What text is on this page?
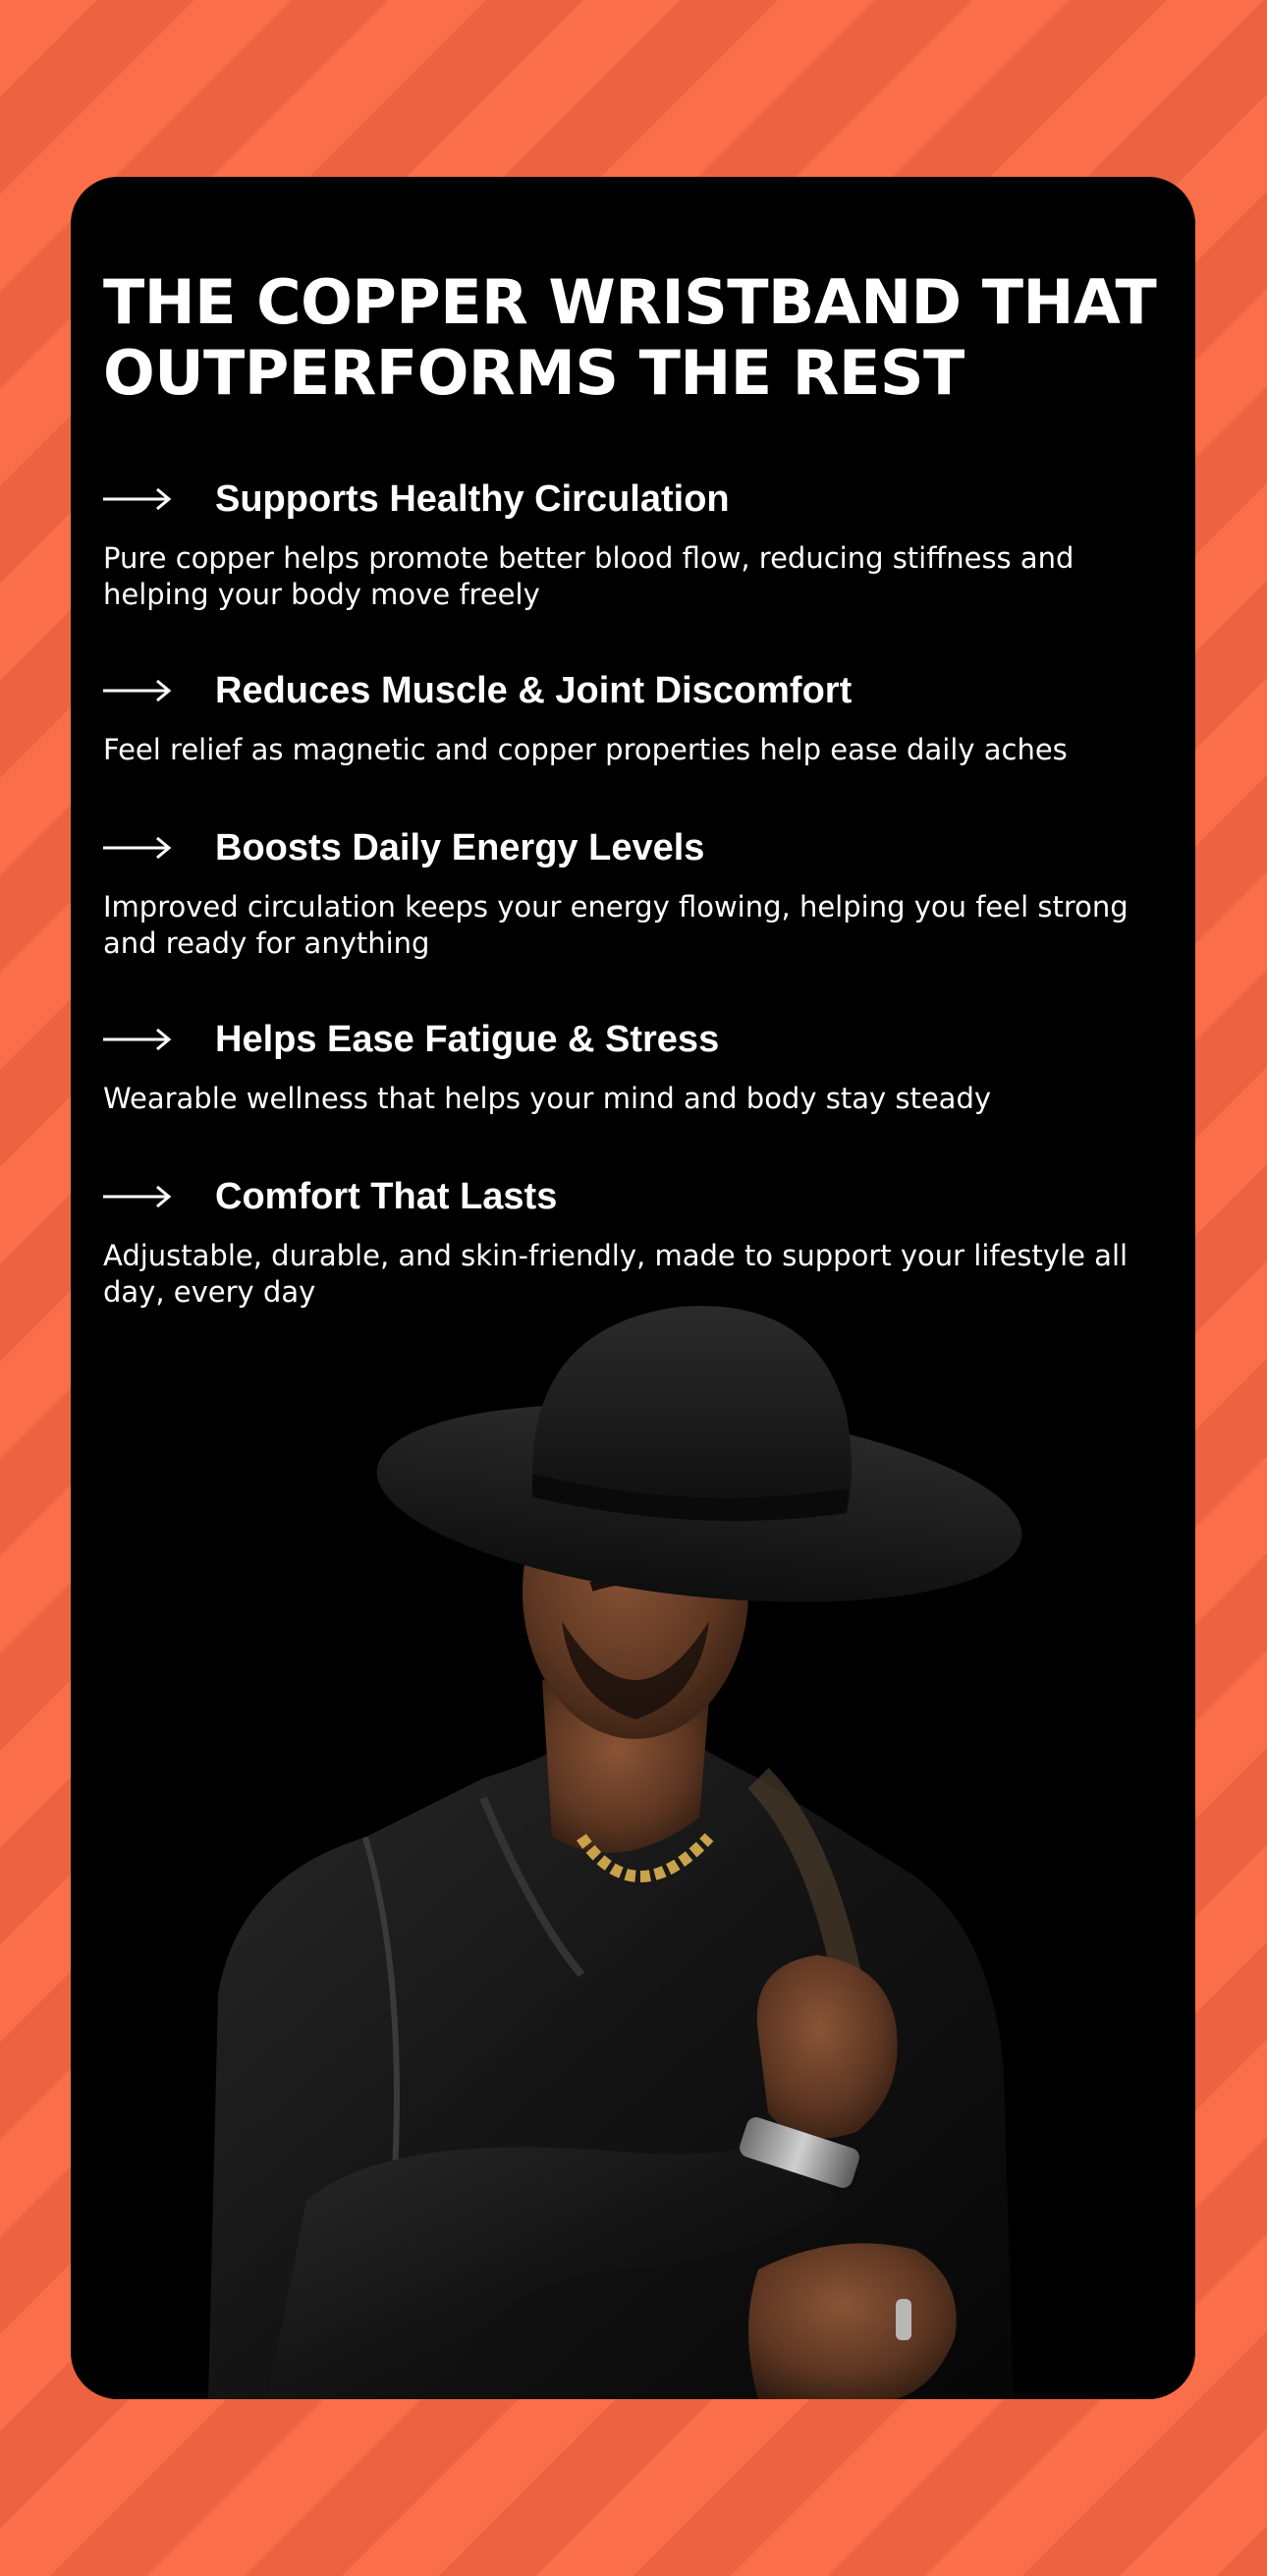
THE COPPER WRISTBAND THAT OUTPERFORMS THE REST
Supports Healthy Circulation

Pure copper helps promote better blood flow, reducing stiffness and helping your body move freely

Reduces Muscle & Joint Discomfort

Feel relief as magnetic and copper properties help ease daily aches

Boosts Daily Energy Levels

Improved circulation keeps your energy flowing, helping you feel strong and ready for anything

Helps Ease Fatigue & Stress

Wearable wellness that helps your mind and body stay steady

Comfort That Lasts

Adjustable, durable, and skin-friendly, made to support your lifestyle all day, every day
